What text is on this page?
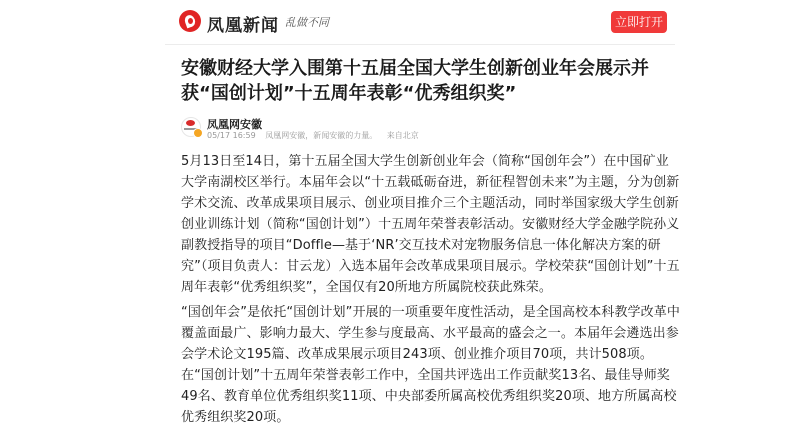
凤凰新闻 乱做不同	立即打开
安徽财经大学入围第十五届全国大学生创新创业年会展示并获“国创计划”十五周年表彰“优秀组织奖”
凤凰网安徽
05/17 16:59 凤凰网安徽，新闻安徽的力量。 来自北京

5月13日至14日，第十五届全国大学生创新创业年会（简称“国创年会”）在中国矿业大学南湖校区举行。本届年会以“十五载砥砺奋进，新征程智创未来”为主题，分为创新学术交流、改革成果项目展示、创业项目推介三个主题活动，同时举国家级大学生创新创业训练计划（简称“国创计划”）十五周年荣誉表彰活动。安徽财经大学金融学院孙义副教授指导的项目“Doffle—基于‘NR’交互技术对宠物服务信息一体化解决方案的研究”（项目负责人：甘云龙）入选本届年会改革成果项目展示。学校荣获“国创计划”十五周年表彰“优秀组织奖”，全国仅有20所地方所属院校获此殊荣。

“国创年会”是依托“国创计划”开展的一项重要年度性活动，是全国高校本科教学改革中覆盖面最广、影响力最大、学生参与度最高、水平最高的盛会之一。本届年会遴选出参会学术论文195篇、改革成果展示项目243项、创业推介项目70项，共计508项。在“国创计划”十五周年荣誉表彰工作中，全国共评选出工作贡献奖13名、最佳导师奖49名、教育单位优秀组织奖11项、中央部委所属高校优秀组织奖20项、地方所属高校优秀组织奖20项。
